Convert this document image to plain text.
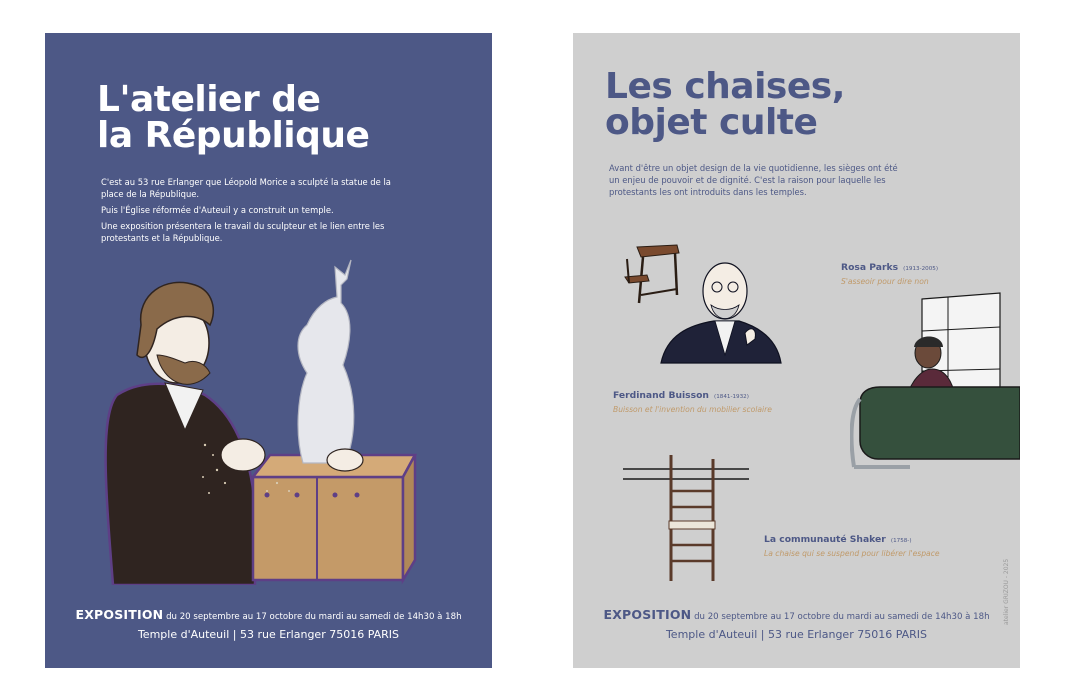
L'atelier de
la République

C'est au 53 rue Erlanger que Léopold Morice a sculpté la statue de la place de la République.

Puis l'Église réformée d'Auteuil y a construit un temple.

Une exposition présentera le travail du sculpteur et le lien entre les protestants et la République.

EXPOSITION du 20 septembre au 17 octobre du mardi au samedi de 14h30 à 18h
Temple d'Auteuil | 53 rue Erlanger 75016 PARIS
Les chaises,
objet culte
Avant d'être un objet design de la vie quotidienne, les sièges ont été un enjeu de pouvoir et de dignité. C'est la raison pour laquelle les protestants les ont introduits dans les temples.
Ferdinand Buisson (1841-1932)
Buisson et l'invention du mobilier scolaire
Rosa Parks (1913-2005)
S'asseoir pour dire non
La communauté Shaker (1758-)
La chaise qui se suspend pour libérer l'espace
atelier GRIZOU - 2025
EXPOSITION du 20 septembre au 17 octobre du mardi au samedi de 14h30 à 18h
Temple d'Auteuil | 53 rue Erlanger 75016 PARIS
